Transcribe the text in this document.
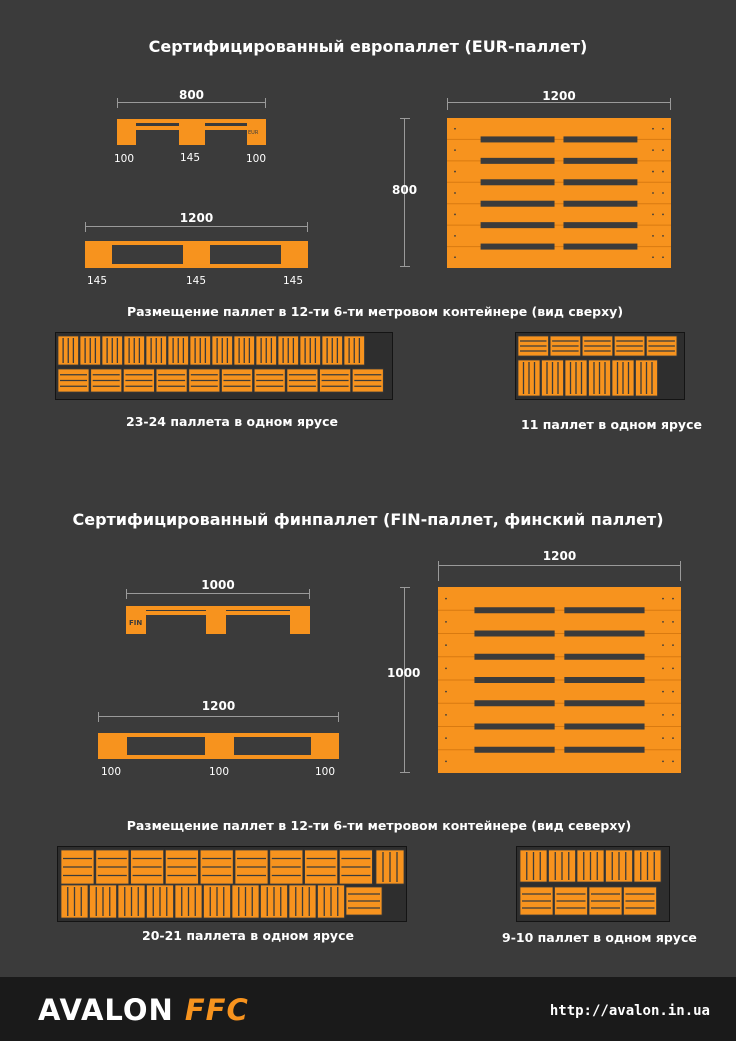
Сертифицированный европаллет (EUR-паллет)
800
EUR
100	145	100
1200
145	145	145
1200
800
Размещение паллет в 12-ти 6-ти метровом контейнере (вид сверху)
23-24 паллета в одном ярусе	11 паллет в одном ярусе
Сертифицированный финпаллет (FIN-паллет, финский паллет)
1000
FIN
1200
100	100	100
1200
1000
Размещение паллет в 12-ти 6-ти метровом контейнере (вид северху)
20-21 паллета в одном ярусе	9-10 паллет в одном ярусе
AVALON FFC	http://avalon.in.ua
